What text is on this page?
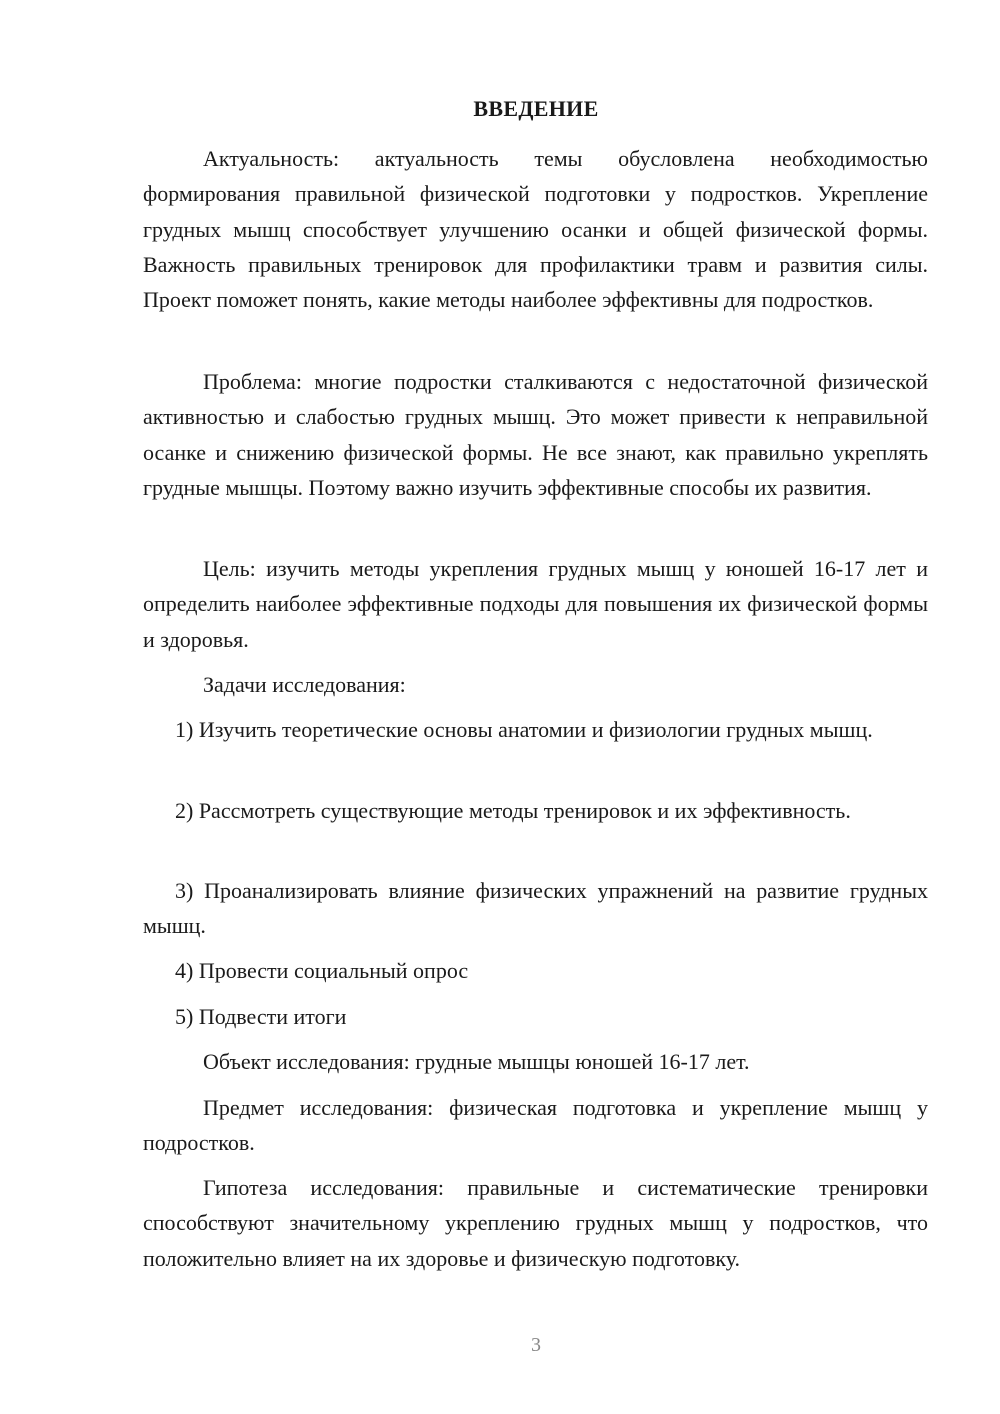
ВВЕДЕНИЕ

Актуальность: актуальность темы обусловлена необходимостью формирования правильной физической подготовки у подростков. Укрепление грудных мышц способствует улучшению осанки и общей физической формы. Важность правильных тренировок для профилактики травм и развития силы. Проект поможет понять, какие методы наиболее эффективны для подростков.

Проблема: многие подростки сталкиваются с недостаточной физической активностью и слабостью грудных мышц. Это может привести к неправильной осанке и снижению физической формы. Не все знают, как правильно укреплять грудные мышцы. Поэтому важно изучить эффективные способы их развития.

Цель: изучить методы укрепления грудных мышц у юношей 16-17 лет и определить наиболее эффективные подходы для повышения их физической формы и здоровья.

Задачи исследования:

1) Изучить теоретические основы анатомии и физиологии грудных мышц.

2) Рассмотреть существующие методы тренировок и их эффективность.

3) Проанализировать влияние физических упражнений на развитие грудных мышц.

4) Провести социальный опрос

5) Подвести итоги

Объект исследования: грудные мышцы юношей 16-17 лет.

Предмет исследования: физическая подготовка и укрепление мышц у подростков.

Гипотеза исследования: правильные и систематические тренировки способствуют значительному укреплению грудных мышц у подростков, что положительно влияет на их здоровье и физическую подготовку.

3
